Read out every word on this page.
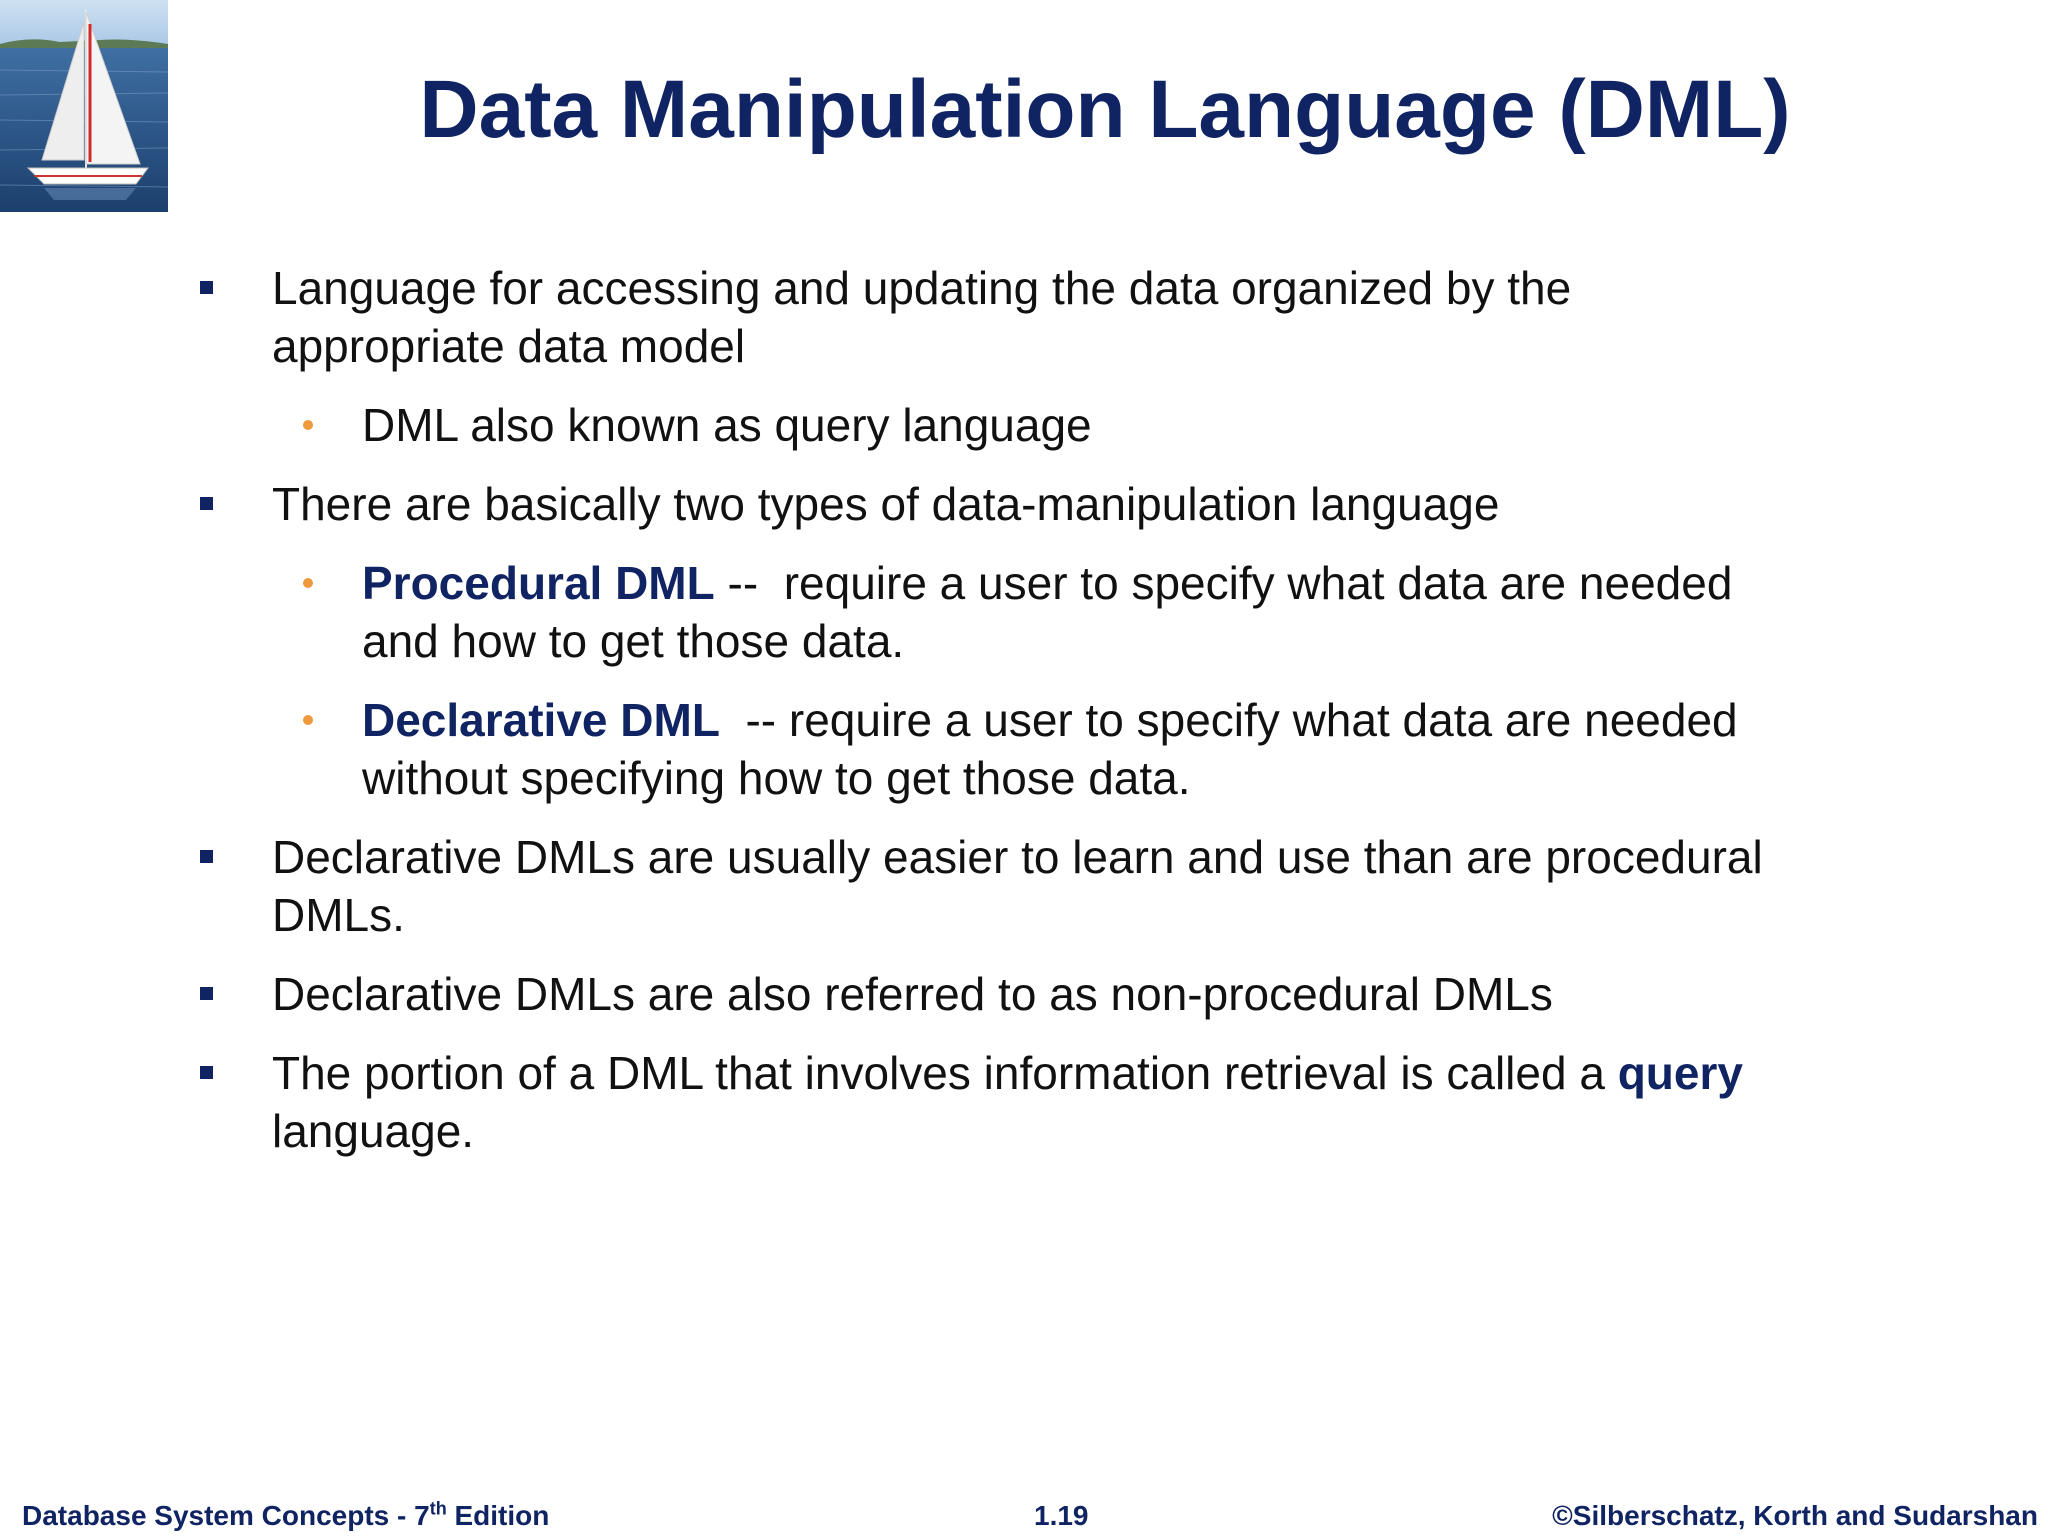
Data Manipulation Language (DML)
Language for accessing and updating the data organized by the
appropriate data model
DML also known as query language
There are basically two types of data-manipulation language
Procedural DML --  require a user to specify what data are needed
and how to get those data.
Declarative DML  -- require a user to specify what data are needed
without specifying how to get those data.
Declarative DMLs are usually easier to learn and use than are procedural
DMLs.
Declarative DMLs are also referred to as non-procedural DMLs
The portion of a DML that involves information retrieval is called a query
language.
Database System Concepts - 7th Edition	1.19	©Silberschatz, Korth and Sudarshan
